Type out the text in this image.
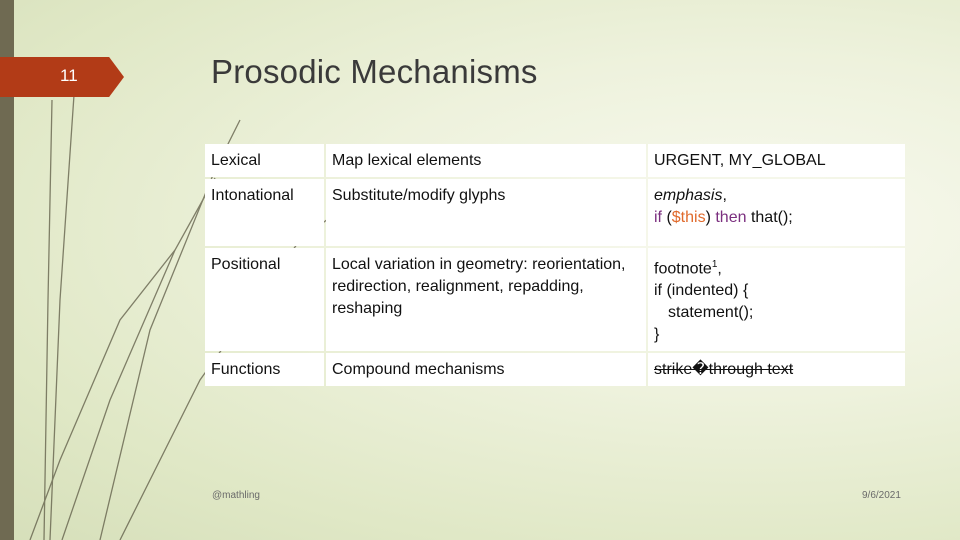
11	Prosodic Mechanisms
Lexical	Map lexical elements	URGENT, MY_GLOBAL
Intonational	Substitute/modify glyphs	emphasis,
if ($this) then that();
Positional	Local variation in geometry: reorientation, redirection, realignment, repadding, reshaping	footnote$^1$,
if (indented) {
statement();
}
Functions	Compound mechanisms	strike�through text
@mathling	9/6/2021
